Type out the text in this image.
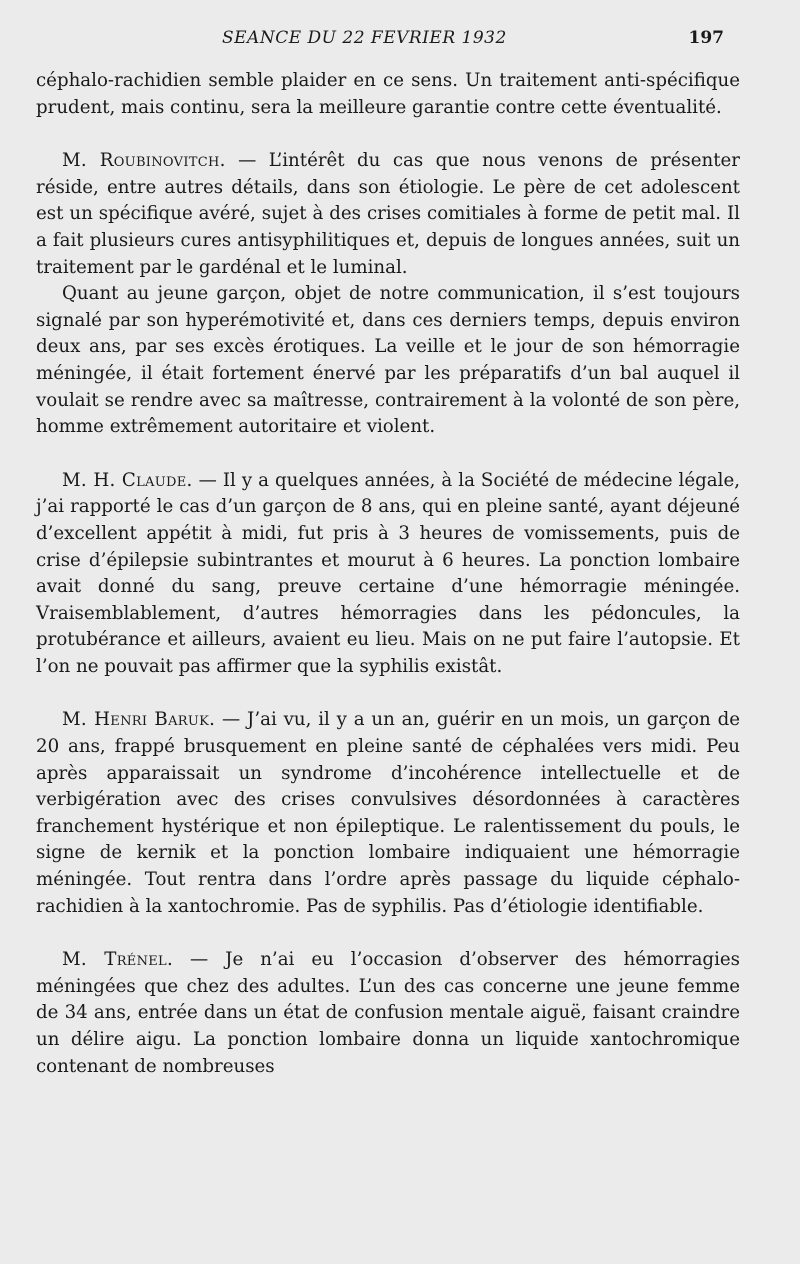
SEANCE DU 22 FEVRIER 1932	197

céphalo-rachidien semble plaider en ce sens. Un traitement anti-spécifique prudent, mais continu, sera la meilleure garantie contre cette éventualité.

M. Roubinovitch. — L’intérêt du cas que nous venons de présenter réside, entre autres détails, dans son étiologie. Le père de cet adolescent est un spécifique avéré, sujet à des crises comitiales à forme de petit mal. Il a fait plusieurs cures antisyphilitiques et, depuis de longues années, suit un traitement par le gardénal et le luminal.

Quant au jeune garçon, objet de notre communication, il s’est toujours signalé par son hyperémotivité et, dans ces derniers temps, depuis environ deux ans, par ses excès érotiques. La veille et le jour de son hémorragie méningée, il était fortement énervé par les préparatifs d’un bal auquel il voulait se rendre avec sa maîtresse, contrairement à la volonté de son père, homme extrêmement autoritaire et violent.

M. H. Claude. — Il y a quelques années, à la Société de médecine légale, j’ai rapporté le cas d’un garçon de 8 ans, qui en pleine santé, ayant déjeuné d’excellent appétit à midi, fut pris à 3 heures de vomissements, puis de crise d’épilepsie subintrantes et mourut à 6 heures. La ponction lombaire avait donné du sang, preuve certaine d’une hémorragie méningée. Vraisemblablement, d’autres hémorragies dans les pédoncules, la protubérance et ailleurs, avaient eu lieu. Mais on ne put faire l’autopsie. Et l’on ne pouvait pas affirmer que la syphilis existât.

M. Henri Baruk. — J’ai vu, il y a un an, guérir en un mois, un garçon de 20 ans, frappé brusquement en pleine santé de céphalées vers midi. Peu après apparaissait un syndrome d’incohérence intellectuelle et de verbigération avec des crises convulsives désordonnées à caractères franchement hystérique et non épileptique. Le ralentissement du pouls, le signe de kernik et la ponction lombaire indiquaient une hémorragie méningée. Tout rentra dans l’ordre après passage du liquide céphalo-rachidien à la xantochromie. Pas de syphilis. Pas d’étiologie identifiable.

M. Trénel. — Je n’ai eu l’occasion d’observer des hémorragies méningées que chez des adultes. L’un des cas concerne une jeune femme de 34 ans, entrée dans un état de confusion mentale aiguë, faisant craindre un délire aigu. La ponction lombaire donna un liquide xantochromique contenant de nombreuses
